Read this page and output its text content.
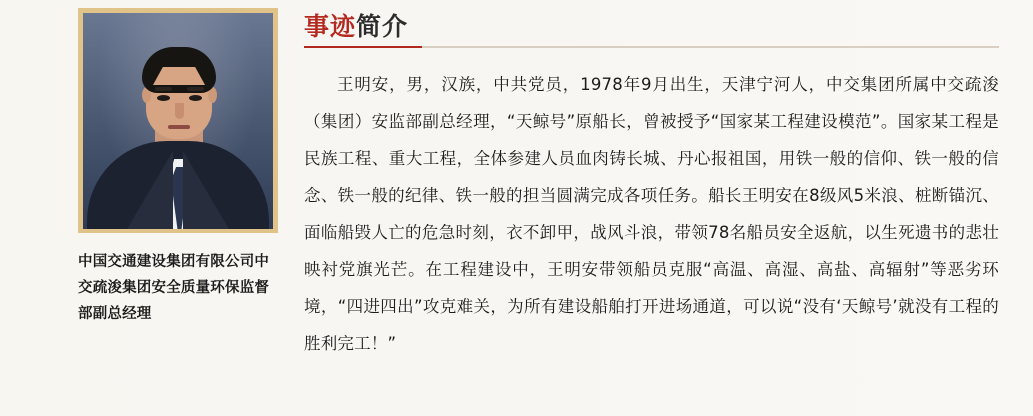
中国交通建设集团有限公司中交疏浚集团安全质量环保监督部副总经理
事迹简介
王明安，男，汉族，中共党员，1978年9月出生，天津宁河人，中交集团所属中交疏浚（集团）安监部副总经理，“天鲸号”原船长，曾被授予“国家某工程建设模范”。国家某工程是民族工程、重大工程，全体参建人员血肉铸长城、丹心报祖国，用铁一般的信仰、铁一般的信念、铁一般的纪律、铁一般的担当圆满完成各项任务。船长王明安在8级风5米浪、桩断锚沉、面临船毁人亡的危急时刻，衣不卸甲，战风斗浪，带领78名船员安全返航，以生死遗书的悲壮映衬党旗光芒。在工程建设中，王明安带领船员克服“高温、高湿、高盐、高辐射”等恶劣环境，“四进四出”攻克难关，为所有建设船舶打开进场通道，可以说“没有‘天鲸号’就没有工程的胜利完工！”
